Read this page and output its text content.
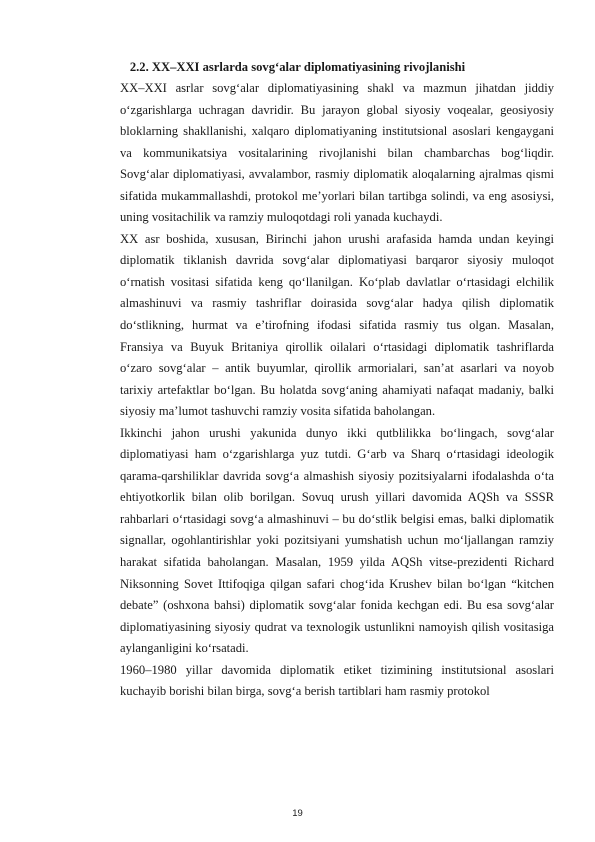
2.2. XX–XXI asrlarda sovg‘alar diplomatiyasining rivojlanishi

XX–XXI asrlar sovg‘alar diplomatiyasining shakl va mazmun jihatdan jiddiy o‘zgarishlarga uchragan davridir. Bu jarayon global siyosiy voqealar, geosiyosiy bloklarning shakllanishi, xalqaro diplomatiyaning institutsional asoslari kengaygani va kommunikatsiya vositalarining rivojlanishi bilan chambarchas bog‘liqdir. Sovg‘alar diplomatiyasi, avvalambor, rasmiy diplomatik aloqalarning ajralmas qismi sifatida mukammallashdi, protokol me’yorlari bilan tartibga solindi, va eng asosiysi, uning vositachilik va ramziy muloqotdagi roli yanada kuchaydi.

XX asr boshida, xususan, Birinchi jahon urushi arafasida hamda undan keyingi diplomatik tiklanish davrida sovg‘alar diplomatiyasi barqaror siyosiy muloqot o‘rnatish vositasi sifatida keng qo‘llanilgan. Ko‘plab davlatlar o‘rtasidagi elchilik almashinuvi va rasmiy tashriflar doirasida sovg‘alar hadya qilish diplomatik do‘stlikning, hurmat va e’tirofning ifodasi sifatida rasmiy tus olgan. Masalan, Fransiya va Buyuk Britaniya qirollik oilalari o‘rtasidagi diplomatik tashriflarda o‘zaro sovg‘alar – antik buyumlar, qirollik armorialari, san’at asarlari va noyob tarixiy artefaktlar bo‘lgan. Bu holatda sovg‘aning ahamiyati nafaqat madaniy, balki siyosiy ma’lumot tashuvchi ramziy vosita sifatida baholangan.

Ikkinchi jahon urushi yakunida dunyo ikki qutblilikka bo‘lingach, sovg‘alar diplomatiyasi ham o‘zgarishlarga yuz tutdi. G‘arb va Sharq o‘rtasidagi ideologik qarama-qarshiliklar davrida sovg‘a almashish siyosiy pozitsiyalarni ifodalashda o‘ta ehtiyotkorlik bilan olib borilgan. Sovuq urush yillari davomida AQSh va SSSR rahbarlari o‘rtasidagi sovg‘a almashinuvi – bu do‘stlik belgisi emas, balki diplomatik signallar, ogohlantirishlar yoki pozitsiyani yumshatish uchun mo‘ljallangan ramziy harakat sifatida baholangan. Masalan, 1959 yilda AQSh vitse-prezidenti Richard Niksonning Sovet Ittifoqiga qilgan safari chog‘ida Krushev bilan bo‘lgan “kitchen debate” (oshxona bahsi) diplomatik sovg‘alar fonida kechgan edi. Bu esa sovg‘alar diplomatiyasining siyosiy qudrat va texnologik ustunlikni namoyish qilish vositasiga aylanganligini ko‘rsatadi.

1960–1980 yillar davomida diplomatik etiket tizimining institutsional asoslari kuchayib borishi bilan birga, sovg‘a berish tartiblari ham rasmiy protokol

19
